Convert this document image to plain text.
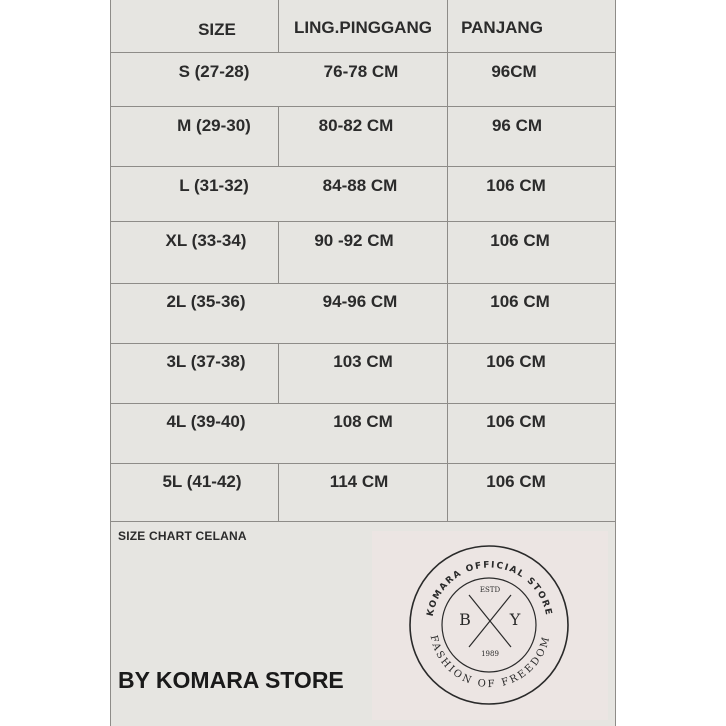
SIZE	LING.PINGGANG	PANJANG
S (27-28)	76-78 CM	96CM
M (29-30)	80-82 CM	96 CM
L (31-32)	84-88 CM	106 CM
XL (33-34)	90 -92 CM	106 CM
2L (35-36)	94-96 CM	106 CM
3L (37-38)	103 CM	106 CM
4L (39-40)	108 CM	106 CM
5L (41-42)	114 CM	106 CM
SIZE CHART CELANA
BY KOMARA STORE
KOMARA OFFICIAL STORE
FASHION OF FREEDOM
ESTD
B Y
1989
